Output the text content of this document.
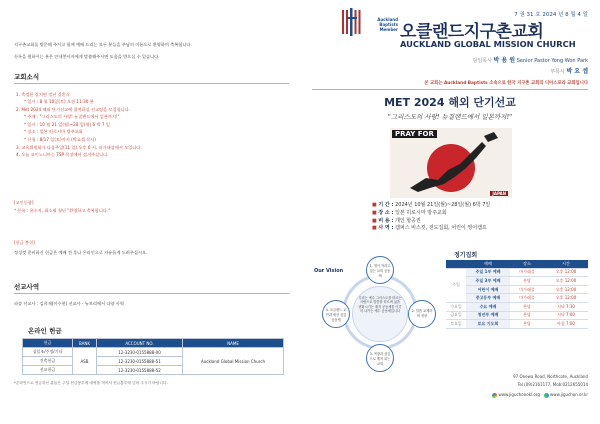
지구촌교회를 방문해 주시고 함께 예배 드리는 모든 분들을 주님의 이름으로 환영하며 축복합니다.
등록을 원하시는 분은 안내봉사자에게 말씀해주시면 도움을 받으실 수 있습니다.
교회소식
1. 축정한 결지면 정년 결혼식
* 일시 : 8 월 10일(토) 오전 11:30 분
2. Met 2024 해외 단기선교에 참여하실 선교팀을 모집합니다.
* 주제 : "그리스도의 사랑! 뉴질랜드에서 일본까지!"
* 일시 : 10 월 21 일(월)~28 일(월) 6 박 7 일
* 장소 : 일본 히로시마 방주교회
* 신청 : 8/17 일(토)까지 (박요셉 목사)
3. 교육위원회가 다음주일(11 일) 오후 6 시, 마가래실에서 모입니다.
4. 오늘 코이노니아는 TSP 목장에서 섬겨주십니다.
[교인동향]
* 등록 : 윤수지, 최소영 청년 "환영하고 축복합니다."
[헌금 봉헌]
정성껏 준비하신 헌금은 예배 전 후나 온라인으로 자유롭게 드려주십시오.
선교사역
파송 선교사 : 김희재(이수현) 선교사 - 뉴브리에서 다양 사역
온라인 헌금
헌금	BANK	ACCOUNT NO.	NAME
십일조/주정/기타	ASB	12-3230-0155888-00	Auckland Global Mission Church
건축헌금		12-3230-0155888-51	
선교헌금		12-3230-0155888-52	
*온라인으로 헌금하신 분들은 주일 헌금봉투에 내역을 적어서 헌금통투에 넣어 주시기 바랍니다.
7 권 31 호 2024 년 8 월 4 일
Auckland
Baptists
Member 오클랜드지구촌교회
AUCKLAND GLOBAL MISSION CHURCH
담임목사 박 용 원 Senior Pastor Yong Won Park
부목사 박 요 셉
본 교회는 Auckland Baptists 소속으로 한국 지구촌 교회의 디아스포라 교회입니다
MET 2024 해외 단기선교
"그리스도의 사랑! 뉴질랜드에서 일본까지!"
PRAY FOR
JAPAN
■ 기 간 : 2024년 10월 21일(월)~28일(월) 6박 7일
■ 장 소 : 일본 히로시마 방주교회
■ 비 용 : 개인 항공권
■ 사 역 : 캠퍼스 비스킷, 전도집회, 어린이 영어캠프
Our Vision
우리는 예수 그리스도를 따르는 사람으로 말씀을 따르며 삶을 변화시키는 제자 공동체를 이루어 나가는 예수 공동체입니다
1. 영이 자라고 있는 교회 공동체
2. 말씀 교제하며 성장
3. 목장과 섬김으로 제자 되는 교회
4. 오클랜드 교민과 세상 섬김 공동체
정기집회
	예배	장소	시간
주일	주일 1부 예배	마가래플	오후 12:00
	주일 3부 예배	본당	오후 12:00
	어린이 예배	마가래플	오후 12:00
	중고등부 예배	마가래플	오후 12:00
수요일	수요 예배	본당	저녁 7:30
금요일	청년부 예배	본당	저녁 7:00
토요일	토요 기도회	본당	아침 7:00
97 Onewa Road, Northcote, Auckland
Tel (09)2161177, Mob:0212655014
www.jiguchonokl.org	www.jiguchon.or.kr
